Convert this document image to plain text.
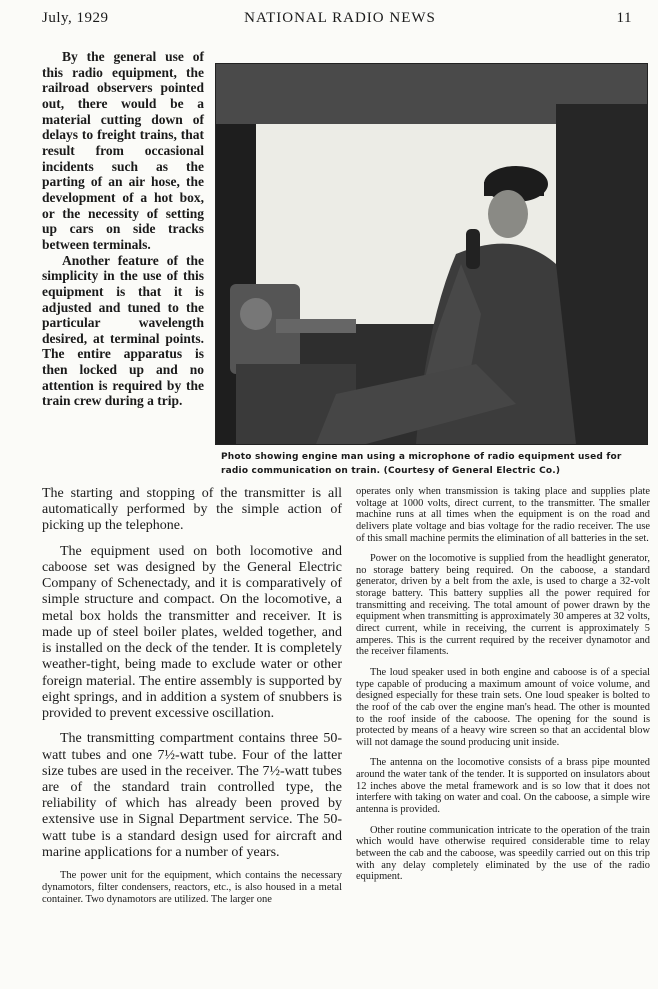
July, 1929	NATIONAL RADIO NEWS	11

By the general use of this radio equipment, the railroad observers pointed out, there would be a material cutting down of delays to freight trains, that result from occasional incidents such as the parting of an air hose, the development of a hot box, or the necessity of setting up cars on side tracks between terminals.

Another feature of the simplicity in the use of this equipment is that it is adjusted and tuned to the particular wavelength desired, at terminal points. The entire apparatus is then locked up and no attention is required by the train crew during a trip.

Photo showing engine man using a microphone of radio equipment used for radio communication on train. (Courtesy of General Electric Co.)

The starting and stopping of the transmitter is all automatically performed by the simple action of picking up the telephone.

The equipment used on both locomotive and caboose set was designed by the General Electric Company of Schenectady, and it is comparatively of simple structure and compact. On the locomotive, a metal box holds the transmitter and receiver. It is made up of steel boiler plates, welded together, and is installed on the deck of the tender. It is completely weather-tight, being made to exclude water or other foreign material. The entire assembly is supported by eight springs, and in addition a system of snubbers is provided to prevent excessive oscillation.

The transmitting compartment contains three 50-watt tubes and one 7½-watt tube. Four of the latter size tubes are used in the receiver. The 7½-watt tubes are of the standard train controlled type, the reliability of which has already been proved by extensive use in Signal Department service. The 50-watt tube is a standard design used for aircraft and marine applications for a number of years.

The power unit for the equipment, which contains the necessary dynamotors, filter condensers, reactors, etc., is also housed in a metal container. Two dynamotors are utilized. The larger one

operates only when transmission is taking place and supplies plate voltage at 1000 volts, direct current, to the transmitter. The smaller machine runs at all times when the equipment is on the road and delivers plate voltage and bias voltage for the radio receiver. The use of this small machine permits the elimination of all batteries in the set.

Power on the locomotive is supplied from the headlight generator, no storage battery being required. On the caboose, a standard generator, driven by a belt from the axle, is used to charge a 32-volt storage battery. This battery supplies all the power required for transmitting and receiving. The total amount of power drawn by the equipment when transmitting is approximately 30 amperes at 32 volts, direct current, while in receiving, the current is approximately 5 amperes. This is the current required by the receiver dynamotor and the receiver filaments.

The loud speaker used in both engine and caboose is of a special type capable of producing a maximum amount of voice volume, and designed especially for these train sets. One loud speaker is bolted to the roof of the cab over the engine man's head. The other is mounted to the roof inside of the caboose. The opening for the sound is protected by means of a heavy wire screen so that an accidental blow will not damage the sound producing unit inside.

The antenna on the locomotive consists of a brass pipe mounted around the water tank of the tender. It is supported on insulators about 12 inches above the metal framework and is so low that it does not interfere with taking on water and coal. On the caboose, a simple wire antenna is provided.

Other routine communication intricate to the operation of the train which would have otherwise required considerable time to relay between the cab and the caboose, was speedily carried out on this trip with any delay completely eliminated by the use of the radio equipment.
